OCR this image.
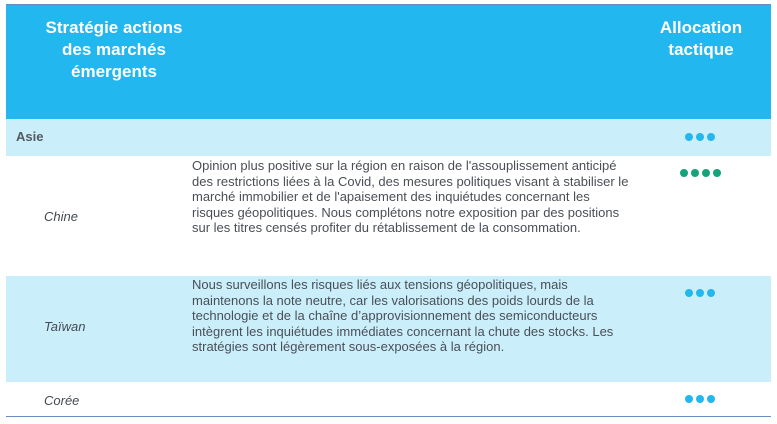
Stratégie actions des marchés émergents
Allocation tactique
Asie
Chine
Opinion plus positive sur la région en raison de l'assouplissement anticipé des restrictions liées à la Covid, des mesures politiques visant à stabiliser le marché immobilier et de l'apaisement des inquiétudes concernant les risques géopolitiques. Nous complétons notre exposition par des positions sur les titres censés profiter du rétablissement de la consommation.
Taïwan
Nous surveillons les risques liés aux tensions géopolitiques, mais maintenons la note neutre, car les valorisations des poids lourds de la technologie et de la chaîne d’approvisionnement des semiconducteurs intègrent les inquiétudes immédiates concernant la chute des stocks. Les stratégies sont légèrement sous-exposées à la région.
Corée
